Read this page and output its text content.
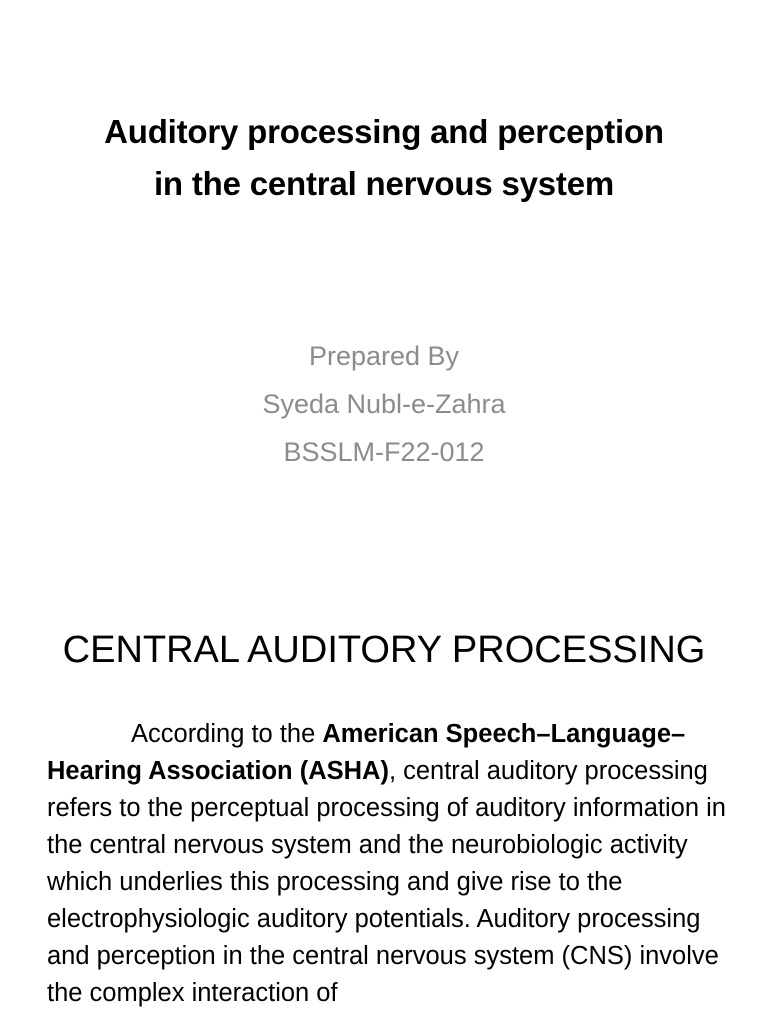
Auditory processing and perception
in the central nervous system
Prepared By
Syeda Nubl-e-Zahra
BSSLM-F22-012
CENTRAL AUDITORY PROCESSING

According to the American Speech–Language–Hearing Association (ASHA), central auditory processing refers to the perceptual processing of auditory information in the central nervous system and the neurobiologic activity which underlies this processing and give rise to the electrophysiologic auditory potentials. Auditory processing and perception in the central nervous system (CNS) involve the complex interaction of
